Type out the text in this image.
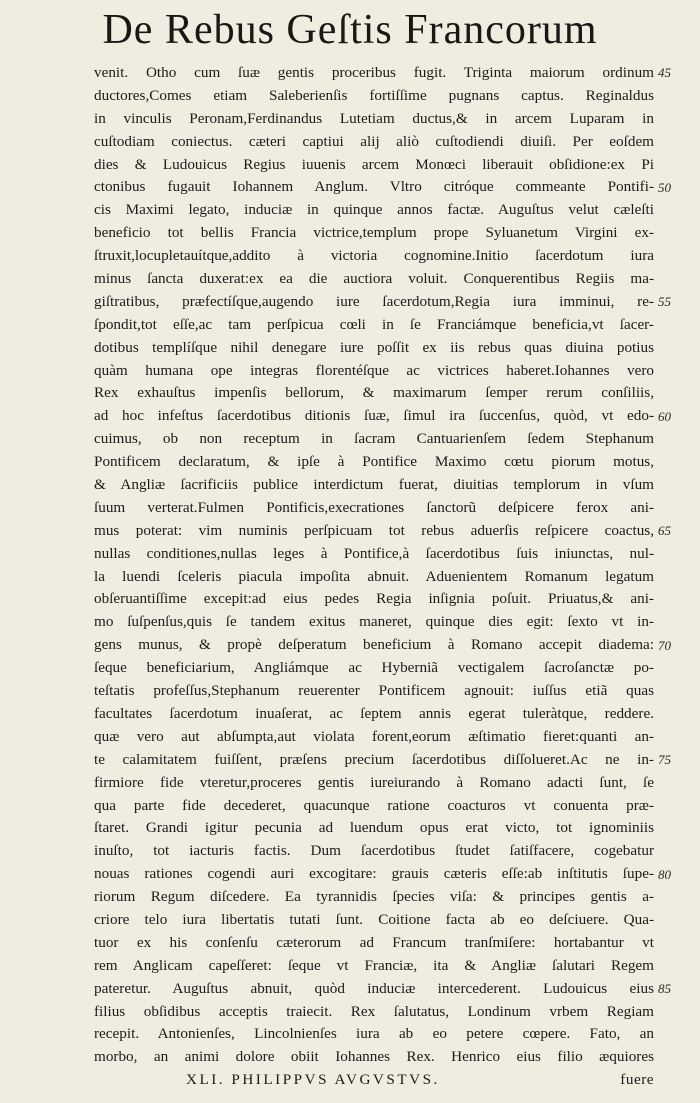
De Rebus Geſtis Francorum
venit. Otho cum ſuæ gentis proceribus fugit. Triginta maiorum ordinum
ductores,Comes etiam Saleberienſis fortiſſime pugnans captus. Reginaldus
in vinculis Peronam,Ferdinandus Lutetiam ductus,& in arcem Luparam in
cuſtodiam coniectus. cæteri captiui alij aliò cuſtodiendi diuiſi. Per eoſdem
dies & Ludouicus Regius iuuenis arcem Monœci liberauit obſidione:ex Pi
ctonibus fugauit Iohannem Anglum. Vltro citróque commeante Pontifi-
cis Maximi legato, induciæ in quinque annos factæ. Auguſtus velut cæleſti
beneficio tot bellis Francia victrice,templum prope Syluanetum Virgini ex-
ſtruxit,locupletauítque,addito à victoria cognomine.Initio ſacerdotum iura
minus ſancta duxerat:ex ea die auctiora voluit. Conquerentibus Regiis ma-
giſtratibus, præfectíſque,augendo iure ſacerdotum,Regia iura imminui, re-
ſpondit,tot eſſe,ac tam perſpicua cœli in ſe Franciámque beneficia,vt ſacer-
dotibus templíſque nihil denegare iure poſſit ex iis rebus quas diuina potius
quàm humana ope integras florentéſque ac victrices haberet.Iohannes vero
Rex exhauſtus impenſis bellorum, & maximarum ſemper rerum conſiliis,
ad hoc infeſtus ſacerdotibus ditionis ſuæ, ſimul ira ſuccenſus, quòd, vt edo-
cuimus, ob non receptum in ſacram Cantuarienſem ſedem Stephanum
Pontificem declaratum, & ipſe à Pontifice Maximo cœtu piorum motus,
& Angliæ ſacrificiis publice interdictum fuerat, diuitias templorum in vſum
ſuum verterat.Fulmen Pontificis,execrationes ſanctorũ deſpicere ferox ani-
mus poterat: vim numinis perſpicuam tot rebus aduerſis reſpicere coactus,
nullas conditiones,nullas leges à Pontifice,à ſacerdotibus ſuis iniunctas, nul-
la luendi ſceleris piacula impoſita abnuit. Aduenientem Romanum legatum
obſeruantiſſime excepit:ad eius pedes Regia inſignia poſuit. Priuatus,& ani-
mo ſuſpenſus,quis ſe tandem exitus maneret, quinque dies egit: ſexto vt in-
gens munus, & propè deſperatum beneficium à Romano accepit diadema:
ſeque beneficiarium, Angliámque ac Hyberniã vectigalem ſacroſanctæ po-
teſtatis profeſſus,Stephanum reuerenter Pontificem agnouit: iuſſus etiã quas
facultates ſacerdotum inuaſerat, ac ſeptem annis egerat tuleràtque, reddere.
quæ vero aut abſumpta,aut violata forent,eorum æſtimatio fieret:quanti an-
te calamitatem fuiſſent, præſens precium ſacerdotibus diſſolueret.Ac ne in-
firmiore fide vteretur,proceres gentis iureiurando à Romano adacti ſunt, ſe
qua parte fide decederet, quacunque ratione coacturos vt conuenta præ-
ſtaret. Grandi igitur pecunia ad luendum opus erat victo, tot ignominiis
inuſto, tot iacturis factis. Dum ſacerdotibus ſtudet ſatiſfacere, cogebatur
nouas rationes cogendi auri excogitare: grauis cæteris eſſe:ab inſtitutis ſupe-
riorum Regum diſcedere. Ea tyrannidis ſpecies viſa: & principes gentis a-
criore telo iura libertatis tutati ſunt. Coitione facta ab eo deſciuere. Qua-
tuor ex his conſenſu cæterorum ad Francum tranſmiſere: hortabantur vt
rem Anglicam capeſſeret: ſeque vt Franciæ, ita & Angliæ ſalutari Regem
pateretur. Auguſtus abnuit, quòd induciæ intercederent. Ludouicus eius
filius obſidibus acceptis traiecit. Rex ſalutatus, Londinum vrbem Regiam
recepit. Antonienſes, Lincolnienſes iura ab eo petere cœpere. Fato, an
morbo, an animi dolore obiit Iohannes Rex. Henrico eius filio æquiores
XLI. PHILIPPVS AVGVSTVS.	fuere
45
50
55
60
65
70
75
80
85
